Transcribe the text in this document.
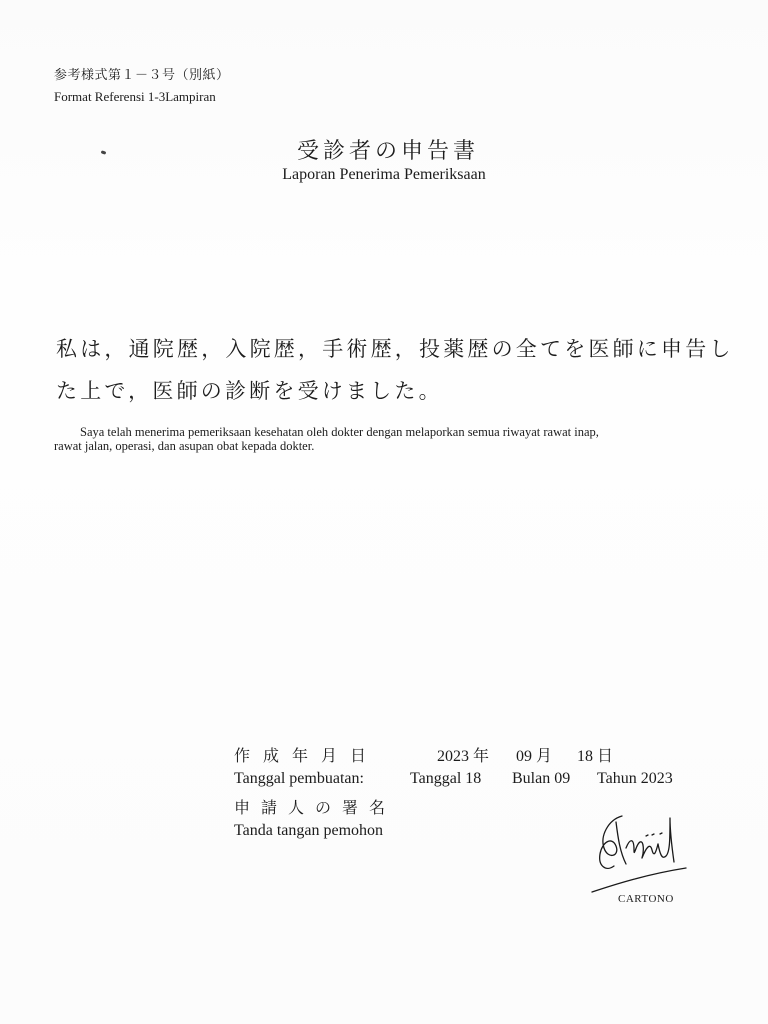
参考様式第１－３号（別紙）
Format Referensi 1-3Lampiran
受診者の申告書
Laporan Penerima Pemeriksaan
私は，通院歴，入院歴，手術歴，投薬歴の全てを医師に申告し
た上で，医師の診断を受けました。
Saya telah menerima pemeriksaan kesehatan oleh dokter dengan melaporkan semua riwayat rawat inap,
rawat jalan, operasi, dan asupan obat kepada dokter.
作成年月日	2023 年 09 月 18 日
Tanggal pembuatan:	Tanggal 18 Bulan 09 Tahun 2023
申請人の署名
Tanda tangan pemohon
CARTONO
